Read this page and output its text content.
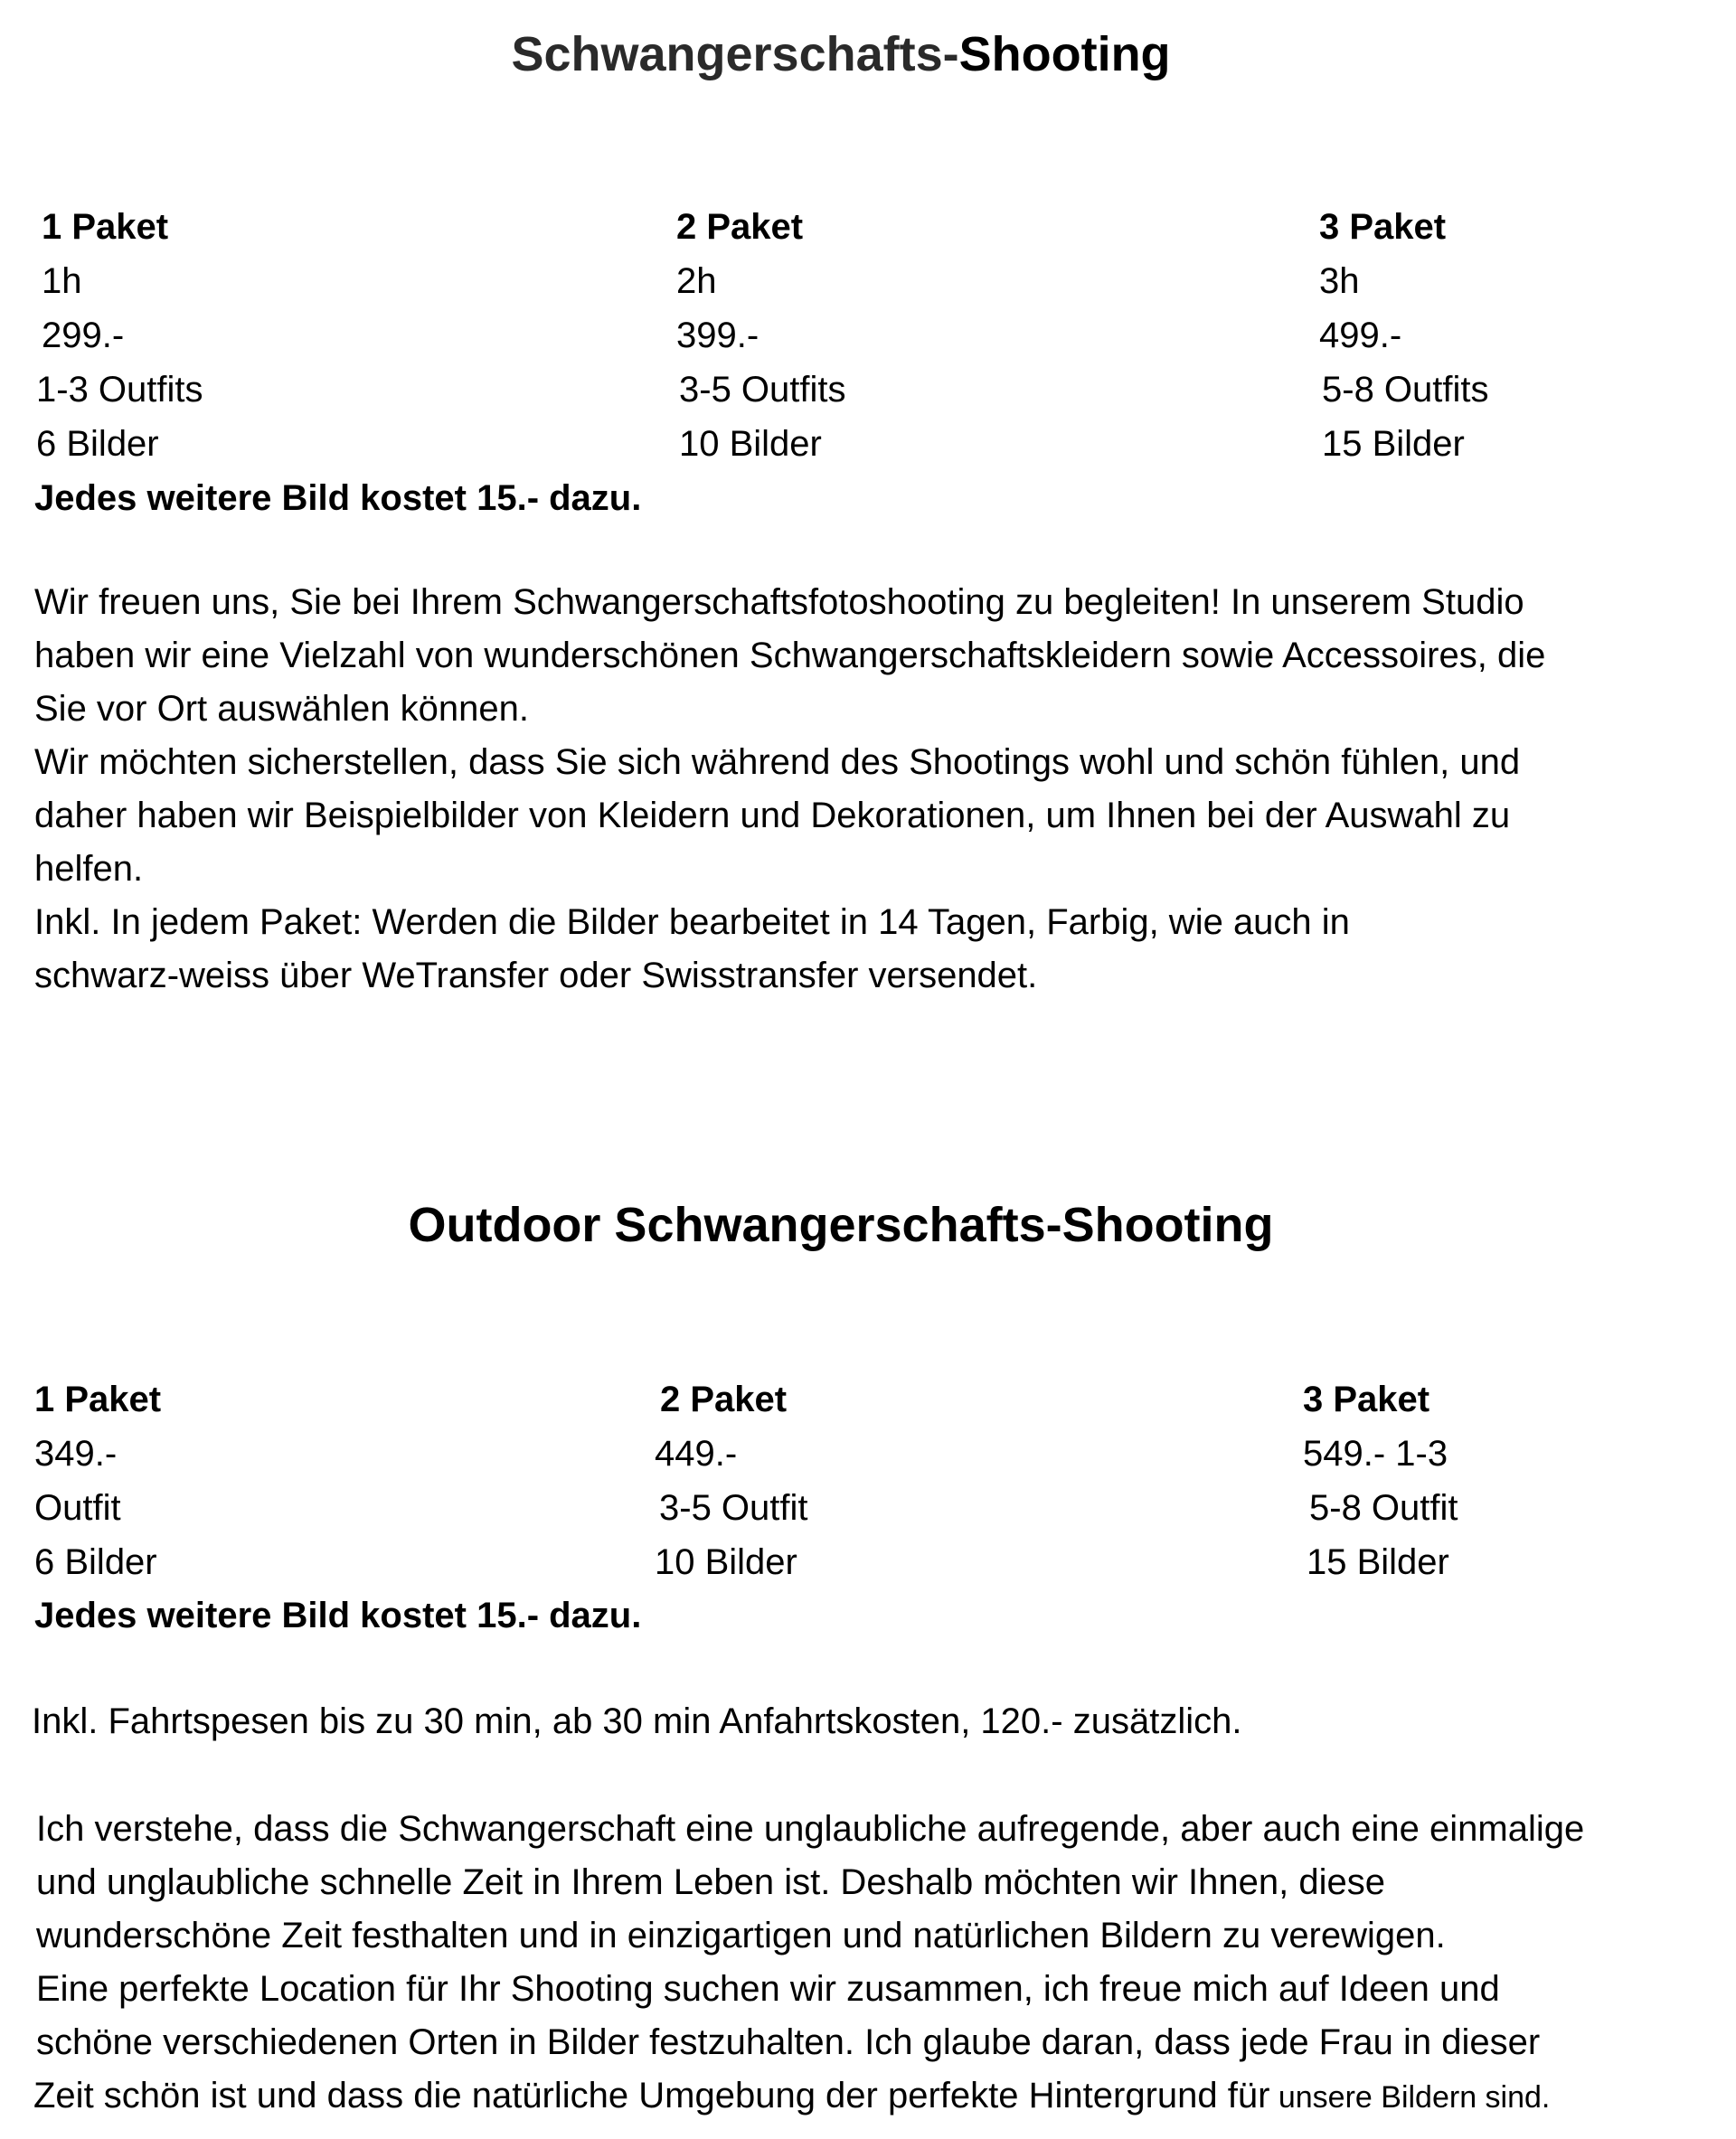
Schwangerschafts-Shooting
1 Paket
1h
299.-
1-3 Outfits
6 Bilder
2 Paket
2h
399.-
3-5 Outfits
10 Bilder
3 Paket
3h
499.-
5-8 Outfits
15 Bilder
Jedes weitere Bild kostet 15.- dazu.
Wir freuen uns, Sie bei Ihrem Schwangerschaftsfotoshooting zu begleiten! In unserem Studio
haben wir eine Vielzahl von wunderschönen Schwangerschaftskleidern sowie Accessoires, die
Sie vor Ort auswählen können.
Wir möchten sicherstellen, dass Sie sich während des Shootings wohl und schön fühlen, und
daher haben wir Beispielbilder von Kleidern und Dekorationen, um Ihnen bei der Auswahl zu
helfen.
Inkl. In jedem Paket: Werden die Bilder bearbeitet in 14 Tagen, Farbig, wie auch in
schwarz-weiss über WeTransfer oder Swisstransfer versendet.
Outdoor Schwangerschafts-Shooting
1 Paket
349.-
Outfit
6 Bilder
2 Paket
449.-
3-5 Outfit
10 Bilder
3 Paket
549.- 1-3
5-8 Outfit
15 Bilder
Jedes weitere Bild kostet 15.- dazu.
Inkl. Fahrtspesen bis zu 30 min, ab 30 min Anfahrtskosten, 120.- zusätzlich.
Ich verstehe, dass die Schwangerschaft eine unglaubliche aufregende, aber auch eine einmalige
und unglaubliche schnelle Zeit in Ihrem Leben ist. Deshalb möchten wir Ihnen, diese
wunderschöne Zeit festhalten und in einzigartigen und natürlichen Bildern zu verewigen.
Eine perfekte Location für Ihr Shooting suchen wir zusammen, ich freue mich auf Ideen und
schöne verschiedenen Orten in Bilder festzuhalten. Ich glaube daran, dass jede Frau in dieser
Zeit schön ist und dass die natürliche Umgebung der perfekte Hintergrund für unsere Bildern sind.
